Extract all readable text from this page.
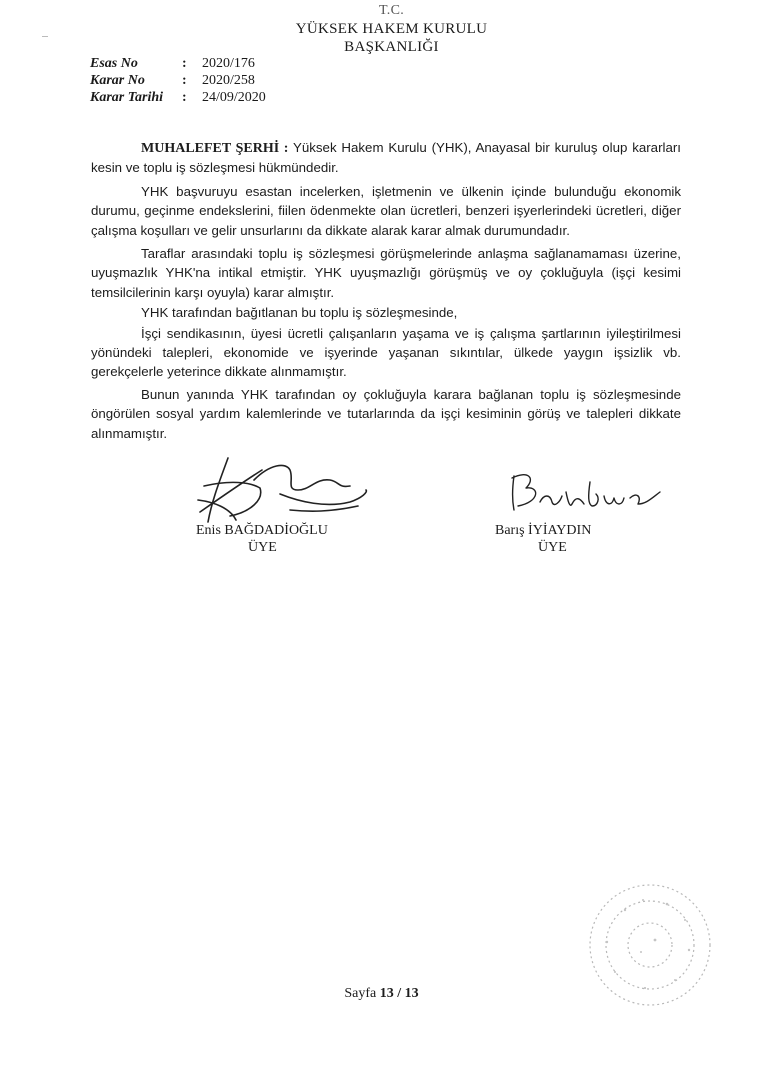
T.C.
YÜKSEK HAKEM KURULU
BAŞKANLIĞI
Esas No	:	2020/176
Karar No	:	2020/258
Karar Tarihi	:	24/09/2020

MUHALEFET ŞERHİ : Yüksek Hakem Kurulu (YHK), Anayasal bir kuruluş olup kararları kesin ve toplu iş sözleşmesi hükmündedir.

YHK başvuruyu esastan incelerken, işletmenin ve ülkenin içinde bulunduğu ekonomik durumu, geçinme endekslerini, fiilen ödenmekte olan ücretleri, benzeri işyerlerindeki ücretleri, diğer çalışma koşulları ve gelir unsurlarını da dikkate alarak karar almak durumundadır.

Taraflar arasındaki toplu iş sözleşmesi görüşmelerinde anlaşma sağlanamaması üzerine, uyuşmazlık YHK'na intikal etmiştir. YHK uyuşmazlığı görüşmüş ve oy çokluğuyla (işçi kesimi temsilcilerinin karşı oyuyla) karar almıştır.

YHK tarafından bağıtlanan bu toplu iş sözleşmesinde,

İşçi sendikasının, üyesi ücretli çalışanların yaşama ve iş çalışma şartlarının iyileştirilmesi yönündeki talepleri, ekonomide ve işyerinde yaşanan sıkıntılar, ülkede yaygın işsizlik vb. gerekçelerle yeterince dikkate alınmamıştır.

Bunun yanında YHK tarafından oy çokluğuyla karara bağlanan toplu iş sözleşmesinde öngörülen sosyal yardım kalemlerinde ve tutarlarında da işçi kesiminin görüş ve talepleri dikkate alınmamıştır.

Enis BAĞDADİOĞLU
ÜYE
Barış İYİAYDIN
ÜYE
Sayfa 13 / 13
